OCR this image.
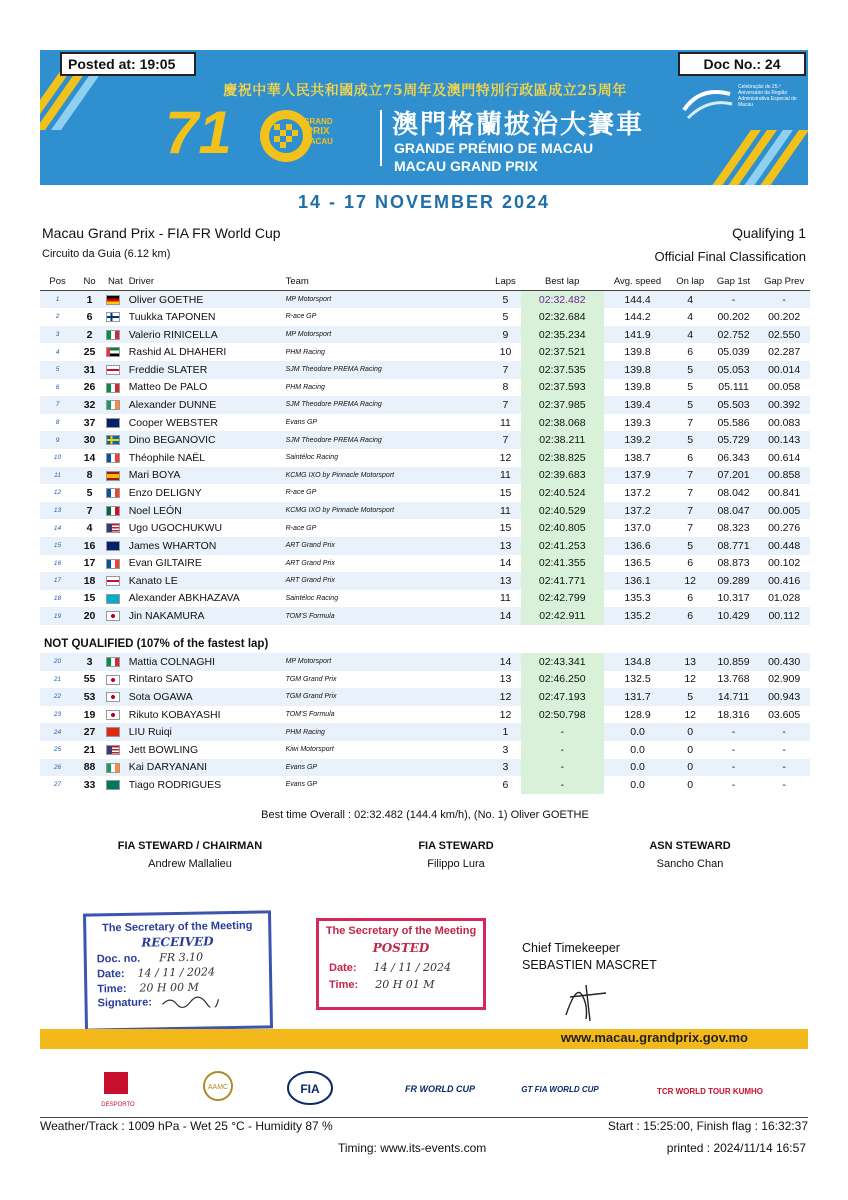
Posted at: 19:05	Doc No.: 24
慶祝中華人民共和國成立75周年及澳門特別行政區成立25周年
71	GRAND
PRIX
MACAU
澳門格蘭披治大賽車
GRANDE PRÉMIO DE MACAU
MACAU GRAND PRIX
Celebração do 25.º Aniversário da Região Administrativa Especial de Macau
14 - 17 NOVEMBER 2024
Macau Grand Prix - FIA FR World Cup
Circuito da Guia (6.12 km)
Qualifying 1
Official Final Classification
Pos	No	Nat	Driver	Team	Laps	Best lap	Avg. speed	On lap	Gap 1st	Gap Prev
1	1		Oliver GOETHE	MP Motorsport	5	02:32.482	144.4	4	-	-
2	6		Tuukka TAPONEN	R-ace GP	5	02:32.684	144.2	4	00.202	00.202
3	2		Valerio RINICELLA	MP Motorsport	9	02:35.234	141.9	4	02.752	02.550
4	25		Rashid AL DHAHERI	PHM Racing	10	02:37.521	139.8	6	05.039	02.287
5	31		Freddie SLATER	SJM Theodore PREMA Racing	7	02:37.535	139.8	5	05.053	00.014
6	26		Matteo De PALO	PHM Racing	8	02:37.593	139.8	5	05.111	00.058
7	32		Alexander DUNNE	SJM Theodore PREMA Racing	7	02:37.985	139.4	5	05.503	00.392
8	37		Cooper WEBSTER	Evans GP	11	02:38.068	139.3	7	05.586	00.083
9	30		Dino BEGANOVIC	SJM Theodore PREMA Racing	7	02:38.211	139.2	5	05.729	00.143
10	14		Théophile NAËL	Saintéloc Racing	12	02:38.825	138.7	6	06.343	00.614
11	8		Mari BOYA	KCMG IXO by Pinnacle Motorsport	11	02:39.683	137.9	7	07.201	00.858
12	5		Enzo DELIGNY	R-ace GP	15	02:40.524	137.2	7	08.042	00.841
13	7		Noel LEÓN	KCMG IXO by Pinnacle Motorsport	11	02:40.529	137.2	7	08.047	00.005
14	4		Ugo UGOCHUKWU	R-ace GP	15	02:40.805	137.0	7	08.323	00.276
15	16		James WHARTON	ART Grand Prix	13	02:41.253	136.6	5	08.771	00.448
16	17		Evan GILTAIRE	ART Grand Prix	14	02:41.355	136.5	6	08.873	00.102
17	18		Kanato LE	ART Grand Prix	13	02:41.771	136.1	12	09.289	00.416
18	15		Alexander ABKHAZAVA	Saintéloc Racing	11	02:42.799	135.3	6	10.317	01.028
19	20		Jin NAKAMURA	TOM'S Formula	14	02:42.911	135.2	6	10.429	00.112
NOT QUALIFIED (107% of the fastest lap)
20	3		Mattia COLNAGHI	MP Motorsport	14	02:43.341	134.8	13	10.859	00.430
21	55		Rintaro SATO	TGM Grand Prix	13	02:46.250	132.5	12	13.768	02.909
22	53		Sota OGAWA	TGM Grand Prix	12	02:47.193	131.7	5	14.711	00.943
23	19		Rikuto KOBAYASHI	TOM'S Formula	12	02:50.798	128.9	12	18.316	03.605
24	27		LIU Ruiqi	PHM Racing	1	-	0.0	0	-	-
25	21		Jett BOWLING	Kiwi Motorsport	3	-	0.0	0	-	-
26	88		Kai DARYANANI	Evans GP	3	-	0.0	0	-	-
27	33		Tiago RODRIGUES	Evans GP	6	-	0.0	0	-	-
Best time Overall : 02:32.482 (144.4 km/h), (No. 1) Oliver GOETHE
FIA STEWARD / CHAIRMAN
Andrew Mallalieu
FIA STEWARD
Filippo Lura
ASN STEWARD
Sancho Chan
The Secretary of the Meeting
RECEIVED
Doc. no. FR 3.10
Date: 14 / 11 / 2024
Time: 20 H 00 M
Signature:
The Secretary of the Meeting
POSTED
Date: 14 / 11 / 2024
Time: 20 H 01 M
Chief Timekeeper
SEBASTIEN MASCRET
www.macau.grandprix.gov.mo
DESPORTO
AAMC	FIA	FR WORLD CUP	GT FIA WORLD CUP	TCR WORLD TOUR KUMHO
Weather/Track : 1009 hPa - Wet 25 °C - Humidity 87 %	Start : 15:25:00, Finish flag : 16:32:37
Timing: www.its-events.com	printed : 2024/11/14 16:57
